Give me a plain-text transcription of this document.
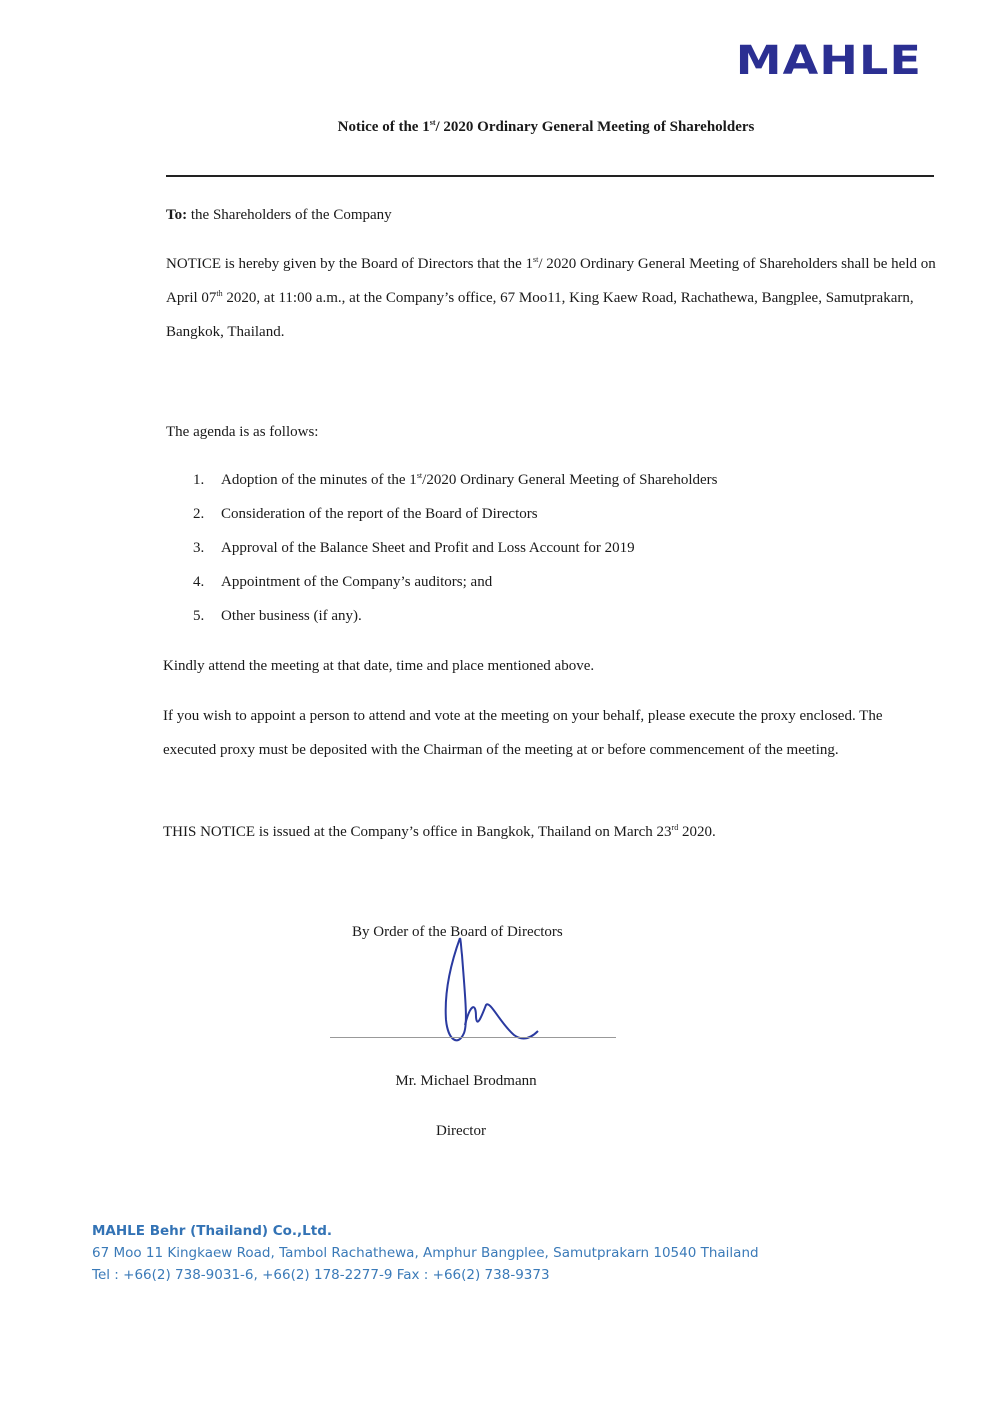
MAHLE
Notice of the 1st/ 2020 Ordinary General Meeting of Shareholders

To: the Shareholders of the Company

NOTICE is hereby given by the Board of Directors that the 1st/ 2020 Ordinary General Meeting of Shareholders shall be held on April 07th 2020, at 11:00 a.m., at the Company’s office, 67 Moo11, King Kaew Road, Rachathewa, Bangplee, Samutprakarn, Bangkok, Thailand.

The agenda is as follows:

1. Adoption of the minutes of the 1st/2020 Ordinary General Meeting of Shareholders
2. Consideration of the report of the Board of Directors
3. Approval of the Balance Sheet and Profit and Loss Account for 2019
4. Appointment of the Company’s auditors; and
5. Other business (if any).

Kindly attend the meeting at that date, time and place mentioned above.

If you wish to appoint a person to attend and vote at the meeting on your behalf, please execute the proxy enclosed. The executed proxy must be deposited with the Chairman of the meeting at or before commencement of the meeting.

THIS NOTICE is issued at the Company’s office in Bangkok, Thailand on March 23rd 2020.

By Order of the Board of Directors
Mr. Michael Brodmann
Director
MAHLE Behr (Thailand) Co.,Ltd.
67 Moo 11 Kingkaew Road, Tambol Rachathewa, Amphur Bangplee, Samutprakarn 10540 Thailand
Tel : +66(2) 738-9031-6, +66(2) 178-2277-9 Fax : +66(2) 738-9373
